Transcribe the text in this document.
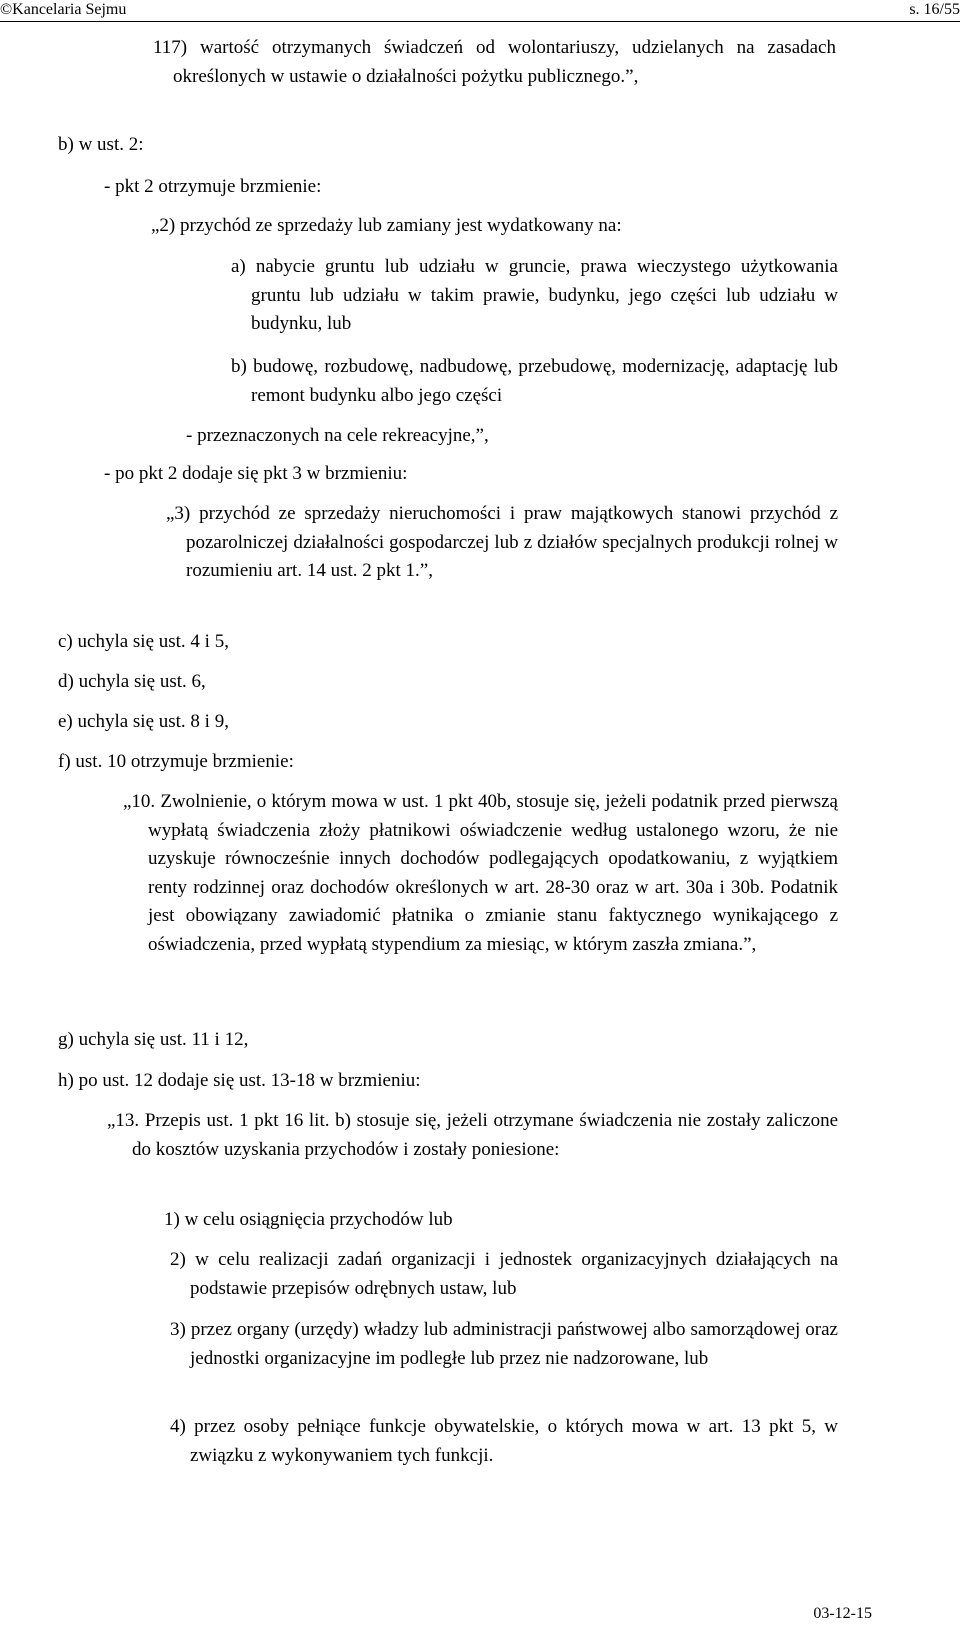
©Kancelaria Sejmu	s. 16/55

117) wartość otrzymanych świadczeń od wolontariuszy, udzielanych na zasadach określonych w ustawie o działalności pożytku publicznego.”,

b) w ust. 2:

- pkt 2 otrzymuje brzmienie:

„2) przychód ze sprzedaży lub zamiany jest wydatkowany na:

a) nabycie gruntu lub udziału w gruncie, prawa wieczystego użytkowania gruntu lub udziału w takim prawie, budynku, jego części lub udziału w budynku, lub

b) budowę, rozbudowę, nadbudowę, przebudowę, modernizację, adaptację lub remont budynku albo jego części

- przeznaczonych na cele rekreacyjne,”,

- po pkt 2 dodaje się pkt 3 w brzmieniu:

„3) przychód ze sprzedaży nieruchomości i praw majątkowych stanowi przychód z pozarolniczej działalności gospodarczej lub z działów specjalnych produkcji rolnej w rozumieniu art. 14 ust. 2 pkt 1.”,

c) uchyla się ust. 4 i 5,

d) uchyla się ust. 6,

e) uchyla się ust. 8 i 9,

f) ust. 10 otrzymuje brzmienie:

„10. Zwolnienie, o którym mowa w ust. 1 pkt 40b, stosuje się, jeżeli podatnik przed pierwszą wypłatą świadczenia złoży płatnikowi oświadczenie według ustalonego wzoru, że nie uzyskuje równocześnie innych dochodów podlegających opodatkowaniu, z wyjątkiem renty rodzinnej oraz dochodów określonych w art. 28-30 oraz w art. 30a i 30b. Podatnik jest obowiązany zawiadomić płatnika o zmianie stanu faktycznego wynikającego z oświadczenia, przed wypłatą stypendium za miesiąc, w którym zaszła zmiana.”,

g) uchyla się ust. 11 i 12,

h) po ust. 12 dodaje się ust. 13-18 w brzmieniu:

„13. Przepis ust. 1 pkt 16 lit. b) stosuje się, jeżeli otrzymane świadczenia nie zostały zaliczone do kosztów uzyskania przychodów i zostały poniesione:

1) w celu osiągnięcia przychodów lub

2) w celu realizacji zadań organizacji i jednostek organizacyjnych działających na podstawie przepisów odrębnych ustaw, lub

3) przez organy (urzędy) władzy lub administracji państwowej albo samorządowej oraz jednostki organizacyjne im podległe lub przez nie nadzorowane, lub

4) przez osoby pełniące funkcje obywatelskie, o których mowa w art. 13 pkt 5, w związku z wykonywaniem tych funkcji.

03-12-15
